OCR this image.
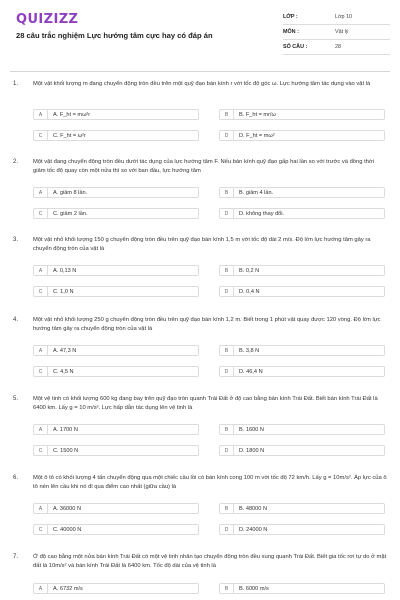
QUIZIZZ
28 câu trắc nghiệm Lực hướng tâm cực hay có đáp án
LỚP :	Lớp 10
MÔN :	Vật lý
SỐ CÂU :	28
1.	Một vật khối lượng m đang chuyển động tròn đều trên một quỹ đạo bán kính r với tốc độ góc ω. Lực hướng tâm tác dụng vào vật là
A	A. F_ht = mω²r	B	B. F_ht = mr/ω
C	C. F_ht = ω²r	D	D. F_ht = mω²
2.	Một vật đang chuyển động tròn đều dưới tác dụng của lực hướng tâm F. Nếu bán kính quỹ đạo gấp hai lần so với trước và đồng thời giảm tốc độ quay còn một nửa thì so với ban đầu, lực hướng tâm
A	A. giảm 8 lần.	B	B. giảm 4 lần.
C	C. giảm 2 lần.	D	D. không thay đổi.
3.	Một vật nhỏ khối lượng 150 g chuyển động tròn đều trên quỹ đạo bán kính 1,5 m với tốc độ dài 2 m/s. Độ lớn lực hướng tâm gây ra chuyển động tròn của vật là
A	A. 0,13 N	B	B. 0,2 N
C	C. 1,0 N	D	D. 0,4 N
4.	Một vật nhỏ khối lượng 250 g chuyển động tròn đều trên quỹ đạo bán kính 1,2 m. Biết trong 1 phút vật quay được 120 vòng. Độ lớn lực hướng tâm gây ra chuyển động tròn của vật là
A	A. 47,3 N	B	B. 3,8 N
C	C. 4,5 N	D	D. 46,4 N
5.	Một vệ tinh có khối lượng 600 kg đang bay trên quỹ đạo tròn quanh Trái Đất ở độ cao bằng bán kính Trái Đất. Biết bán kính Trái Đất là 6400 km. Lấy g = 10 m/s². Lực hấp dẫn tác dụng lên vệ tinh là
A	A. 1700 N	B	B. 1600 N
C	C. 1500 N	D	D. 1800 N
6.	Một ô tô có khối lượng 4 tấn chuyển động qua một chiếc cầu lồi có bán kính cong 100 m với tốc độ 72 km/h. Lấy g = 10m/s². Áp lực của ô tô nén lên cầu khi nó đi qua điểm cao nhất (giữa cầu) là
A	A. 36000 N	B	B. 48000 N
C	C. 40000 N	D	D. 24000 N
7.	Ở độ cao bằng một nửa bán kính Trái Đất có một vệ tinh nhân tạo chuyển động tròn đều xung quanh Trái Đất. Biết gia tốc rơi tự do ở mặt đất là 10m/s² và bán kính Trái Đất là 6400 km. Tốc độ dài của vệ tinh là
A	A. 6732 m/s	B	B. 6000 m/s
